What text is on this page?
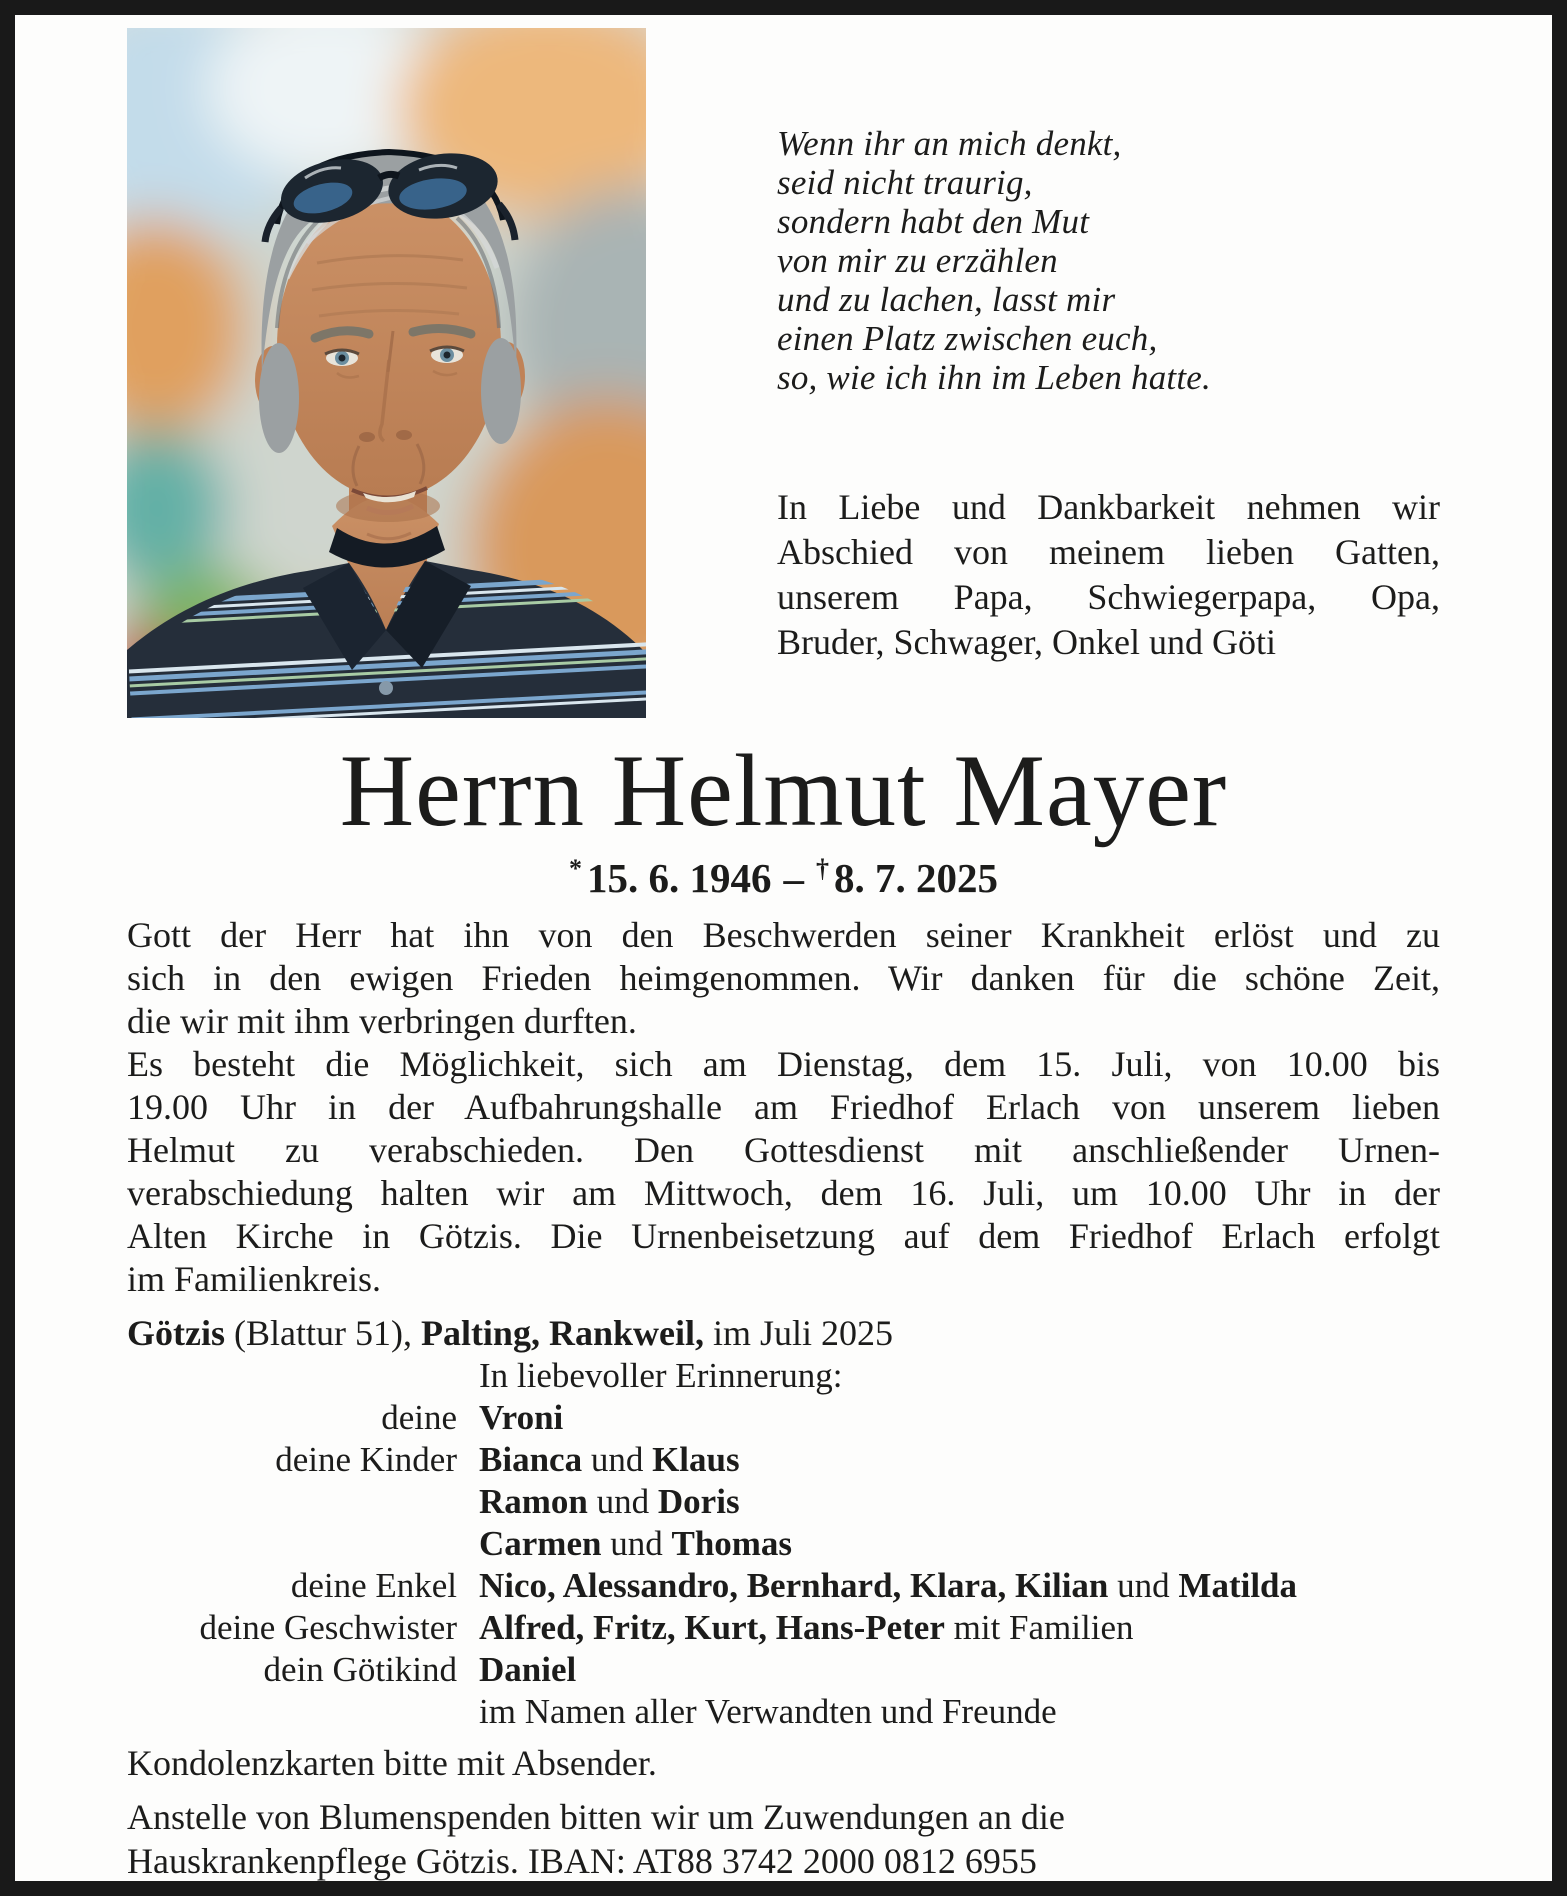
Wenn ihr an mich denkt,
seid nicht traurig,
sondern habt den Mut
von mir zu erzählen
und zu lachen, lasst mir
einen Platz zwischen euch,
so, wie ich ihn im Leben hatte.
In Liebe und Dankbarkeit nehmen wir
Abschied von meinem lieben Gatten,
unserem Papa, Schwiegerpapa, Opa,
Bruder, Schwager, Onkel und Göti
Herrn Helmut Mayer
* 15. 6. 1946 – † 8. 7. 2025
Gott der Herr hat ihn von den Beschwerden seiner Krankheit erlöst und zu
sich in den ewigen Frieden heimgenommen. Wir danken für die schöne Zeit,
die wir mit ihm verbringen durften.
Es besteht die Möglichkeit, sich am Dienstag, dem 15. Juli, von 10.00 bis
19.00 Uhr in der Aufbahrungshalle am Friedhof Erlach von unserem lieben
Helmut zu verabschieden. Den Gottesdienst mit anschließender Urnen-
verabschiedung halten wir am Mittwoch, dem 16. Juli, um 10.00 Uhr in der
Alten Kirche in Götzis. Die Urnenbeisetzung auf dem Friedhof Erlach erfolgt
im Familienkreis.
Götzis (Blattur 51), Palting, Rankweil, im Juli 2025
In liebevoller Erinnerung:
deine Vroni
deine Kinder Bianca und Klaus
Ramon und Doris
Carmen und Thomas
deine Enkel Nico, Alessandro, Bernhard, Klara, Kilian und Matilda
deine Geschwister Alfred, Fritz, Kurt, Hans-Peter mit Familien
dein Götikind Daniel
im Namen aller Verwandten und Freunde
Kondolenzkarten bitte mit Absender.
Anstelle von Blumenspenden bitten wir um Zuwendungen an die
Hauskrankenpflege Götzis. IBAN: AT88 3742 2000 0812 6955
